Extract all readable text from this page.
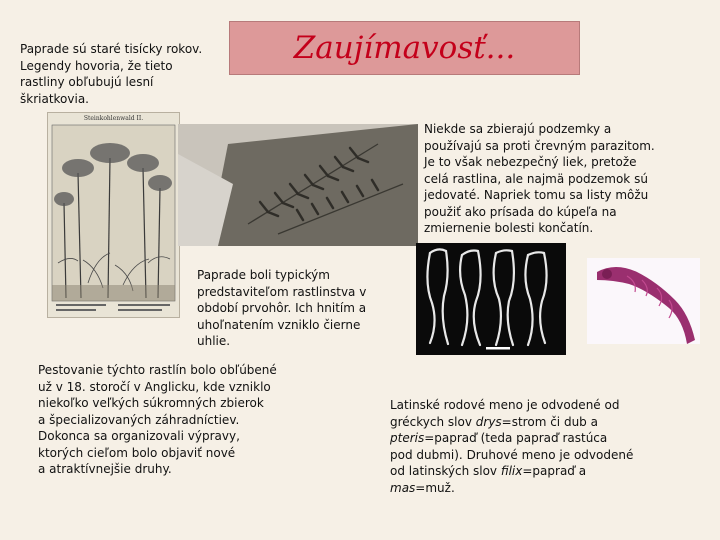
Zaujímavosť...
Paprade sú staré tisícky rokov.
Legendy hovoria, že tieto
rastliny obľubujú lesní
škriatkovia.
Steinkohlenwald II.
Niekde sa zbierajú podzemky a
používajú sa proti črevným parazitom.
Je to však nebezpečný liek, pretože
celá rastlina, ale najmä podzemok sú
jedovaté. Napriek tomu sa listy môžu
použiť ako prísada do kúpeľa na
zmiernenie bolesti končatín.
Paprade boli typickým
predstaviteľom rastlinstva v
období prvohôr. Ich hnitím a
uhoľnatením vzniklo čierne
uhlie.
Pestovanie týchto rastlín bolo obľúbené
už v 18. storočí v Anglicku, kde vzniklo
niekoľko veľkých súkromných zbierok
a špecializovaných záhradníctiev.
Dokonca sa organizovali výpravy,
ktorých cieľom bolo objaviť nové
a atraktívnejšie druhy.
Latinské rodové meno je odvodené od
gréckych slov drys=strom či dub a
pteris=papraď (teda papraď rastúca
pod dubmi). Druhové meno je odvodené
od latinských slov filix=papraď a
mas=muž.
